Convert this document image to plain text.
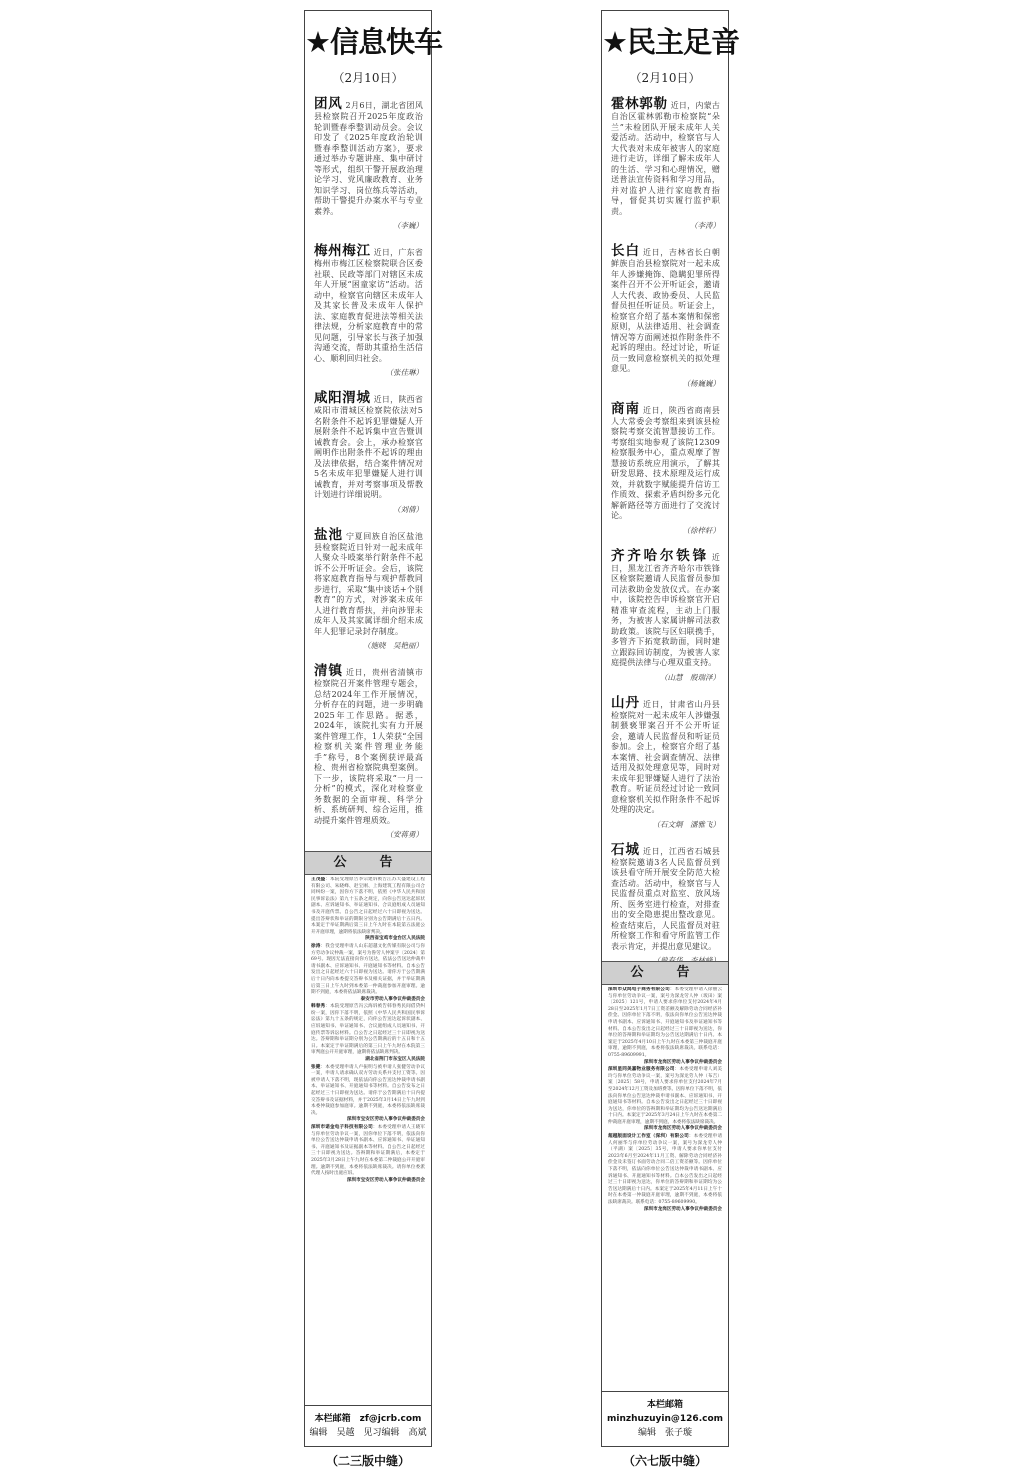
★信息快车
（2月10日）
团风 2月6日，湖北省团风县检察院召开2025年度政治轮训暨春季整训动员会。会议印发了《2025年度政治轮训暨春季整训活动方案》，要求通过举办专题讲座、集中研讨等形式，组织干警开展政治理论学习、党风廉政教育、业务知识学习、岗位练兵等活动，帮助干警提升办案水平与专业素养。
（李巍）
梅州梅江 近日，广东省梅州市梅江区检察院联合区委社联、民政等部门对辖区未成年人开展“困童家访”活动。活动中，检察官向辖区未成年人及其家长普及未成年人保护法、家庭教育促进法等相关法律法规，分析家庭教育中的常见问题，引导家长与孩子加强沟通交流，帮助其重拾生活信心、顺利回归社会。
（张佳琳）
咸阳渭城 近日，陕西省咸阳市渭城区检察院依法对5名附条件不起诉犯罪嫌疑人开展附条件不起诉集中宣告暨训诫教育会。会上，承办检察官阐明作出附条件不起诉的理由及法律依据，结合案件情况对5名未成年犯罪嫌疑人进行训诫教育，并对考察事项及帮教计划进行详细说明。
（刘倩）
盐池 宁夏回族自治区盐池县检察院近日针对一起未成年人聚众斗殴案举行附条件不起诉不公开听证会。会后，该院将家庭教育指导与观护帮教同步进行，采取“集中谈话+个别教育”的方式，对涉案未成年人进行教育帮扶，并向涉罪未成年人及其家属详细介绍未成年人犯罪记录封存制度。
（施晓　吴艳丽）
清镇 近日，贵州省清镇市检察院召开案件管理专题会，总结2024年工作开展情况，分析存在的问题，进一步明确2025年工作思路。据悉，2024年，该院扎实有力开展案件管理工作，1人荣获“全国检察机关案件管理业务能手”称号，8个案例获评最高检、贵州省检察院典型案例。下一步，该院将采取“一月一分析”的模式，深化对检察业务数据的全面审视、科学分析、系统研判、综合运用，推动提升案件管理质效。
（安蒋勇）
公　告

王茂盛：本院受理原告李宗建诉被告江苏天盛建设工程有限公司、朱晓峰、赵宝刚、上海建筑工程有限公司合同纠纷一案，因你方下落不明，依照《中华人民共和国民事诉讼法》第九十五条之规定，向你公告送达起诉状副本、应诉通知书、举证通知书、合议庭组成人员通知书及开庭传票。自公告之日起经过六十日即视为送达。提出答辩状和举证的期限分别为公告期满后十五日内。本案定于举证期满后第三日上午九时在本院第五法庭公开开庭审理，逾期将依法缺席判决。
陕西省宝鸡市金台区人民法院

徐涛：我会受理申请人山东超越文化传媒有限公司与你方劳动争议仲裁一案，案号为鲁劳人仲案字〔2024〕第69号。现因无法直接向你方送达，依法公告送达仲裁申请书副本、应诉通知书、开庭通知书等材料。自本公告发出之日起经过六十日即视为送达。请你方于公告期满后十日内向本委提交答辩书及相关证据，并于举证期满后第三日上午九时到本委第一仲裁庭参加开庭审理。逾期不到庭，本委将依法缺席裁决。
泰安市劳动人事争议仲裁委员会

韩春秀：本院受理原告冯云海诉被告韩春秀民间借贷纠纷一案，因你下落不明，依照《中华人民共和国民事诉讼法》第九十五条的规定，向你公告送达起诉状副本、应诉通知书、举证通知书、合议庭组成人员通知书、开庭传票等诉讼材料。自公告之日起经过三十日即视为送达。答辩期和举证期分别为公告期满后的十五日和十五日。本案定于举证期满后的第三日上午九时在本院第三审判庭公开开庭审理，逾期将依法缺席判决。
湖北省荆门市东宝区人民法院

张健：本委受理申请人卢振明与被申请人张健劳动争议一案，申请人请求确认双方劳动关系并支付工资等。因被申请人下落不明，现依法向你公告送达仲裁申请书副本、举证通知书、开庭通知书等材料。自公告发布之日起经过三十日即视为送达。请你于公告期满后十日内提交答辩书及证据材料，并于2025年3月14日上午九时到本委仲裁庭参加庭审。逾期不到庭，本委将依法缺席裁决。
深圳市宝安区劳动人事争议仲裁委员会

深圳市诺金电子科技有限公司：本委受理申请人王晓军与你单位劳动争议一案，因你单位下落不明，依法向你单位公告送达仲裁申请书副本、应诉通知书、举证通知书、开庭通知书及证据副本等材料。自公告之日起经过三十日即视为送达。答辩期和举证期满后，本委定于2025年3月28日上午九时在本委第二仲裁庭公开开庭审理。逾期不到庭，本委将依法缺席裁决。请你单位委派代理人按时出庭应诉。
深圳市宝安区劳动人事争议仲裁委员会

本栏邮箱　zf@jcrb.com
编辑　吴越　见习编辑　高斌
★民主足音
（2月10日）
霍林郭勒 近日，内蒙古自治区霍林郭勒市检察院“朵兰”未检团队开展未成年人关爱活动。活动中，检察官与人大代表对未成年被害人的家庭进行走访，详细了解未成年人的生活、学习和心理情况，赠送普法宣传资料和学习用品，并对监护人进行家庭教育指导，督促其切实履行监护职责。
（李涛）
长白 近日，吉林省长白朝鲜族自治县检察院对一起未成年人涉嫌掩饰、隐瞒犯罪所得案件召开不公开听证会，邀请人大代表、政协委员、人民监督员担任听证员。听证会上，检察官介绍了基本案情和保密原则，从法律适用、社会调查情况等方面阐述拟作附条件不起诉的理由。经过讨论，听证员一致同意检察机关的拟处理意见。
（杨巍巍）
商南 近日，陕西省商南县人大常委会考察组来到该县检察院考察交流智慧接访工作。考察组实地参观了该院12309检察服务中心，重点观摩了智慧接访系统应用演示，了解其研发思路、技术原理及运行成效，并就数字赋能提升信访工作质效、探索矛盾纠纷多元化解新路径等方面进行了交流讨论。
（徐梓轩）
齐齐哈尔铁锋 近日，黑龙江省齐齐哈尔市铁锋区检察院邀请人民监督员参加司法救助金发放仪式。在办案中，该院控告申诉检察官开启精准审查流程，主动上门服务，为被害人家属讲解司法救助政策。该院与区妇联携手，多管齐下拓宽救助面，同时建立跟踪回访制度，为被害人家庭提供法律与心理双重支持。
（山慧　殷瑞泽）
山丹 近日，甘肃省山丹县检察院对一起未成年人涉嫌强制猥亵罪案召开不公开听证会，邀请人民监督员和听证员参加。会上，检察官介绍了基本案情、社会调查情况、法律适用及拟处理意见等，同时对未成年犯罪嫌疑人进行了法治教育。听证员经过讨论一致同意检察机关拟作附条件不起诉处理的决定。
（石文炯　潘雅飞）
石城 近日，江西省石城县检察院邀请3名人民监督员到该县看守所开展安全防范大检查活动。活动中，检察官与人民监督员重点对监室、放风场所、医务室进行检查，对排查出的安全隐患提出整改意见。检查结束后，人民监督员对驻所检察工作和看守所监管工作表示肯定，并提出意见建议。
公　告

深圳市众鸿电子商务有限公司：本委受理申请人徐丽云与你单位劳动争议一案，案号为深龙劳人仲（坂田）案〔2025〕121号，申请人要求你单位支付2024年4月28日至2025年1月7日工资差额及解除劳动合同经济补偿金。因你单位下落不明，依法向你单位公告送达仲裁申请书副本、应诉通知书、开庭通知书及举证通知书等材料。自本公告发出之日起经过三十日即视为送达，你单位的答辩期和举证期均为公告送达期满后十日内。本案定于2025年4月10日上午九时在本委第三仲裁庭开庭审理，逾期不到庭，本委将依法缺席裁决。联系电话：0755-89609991。
深圳市龙岗区劳动人事争议仲裁委员会

深圳星同美嘉物业服务有限公司：本委受理申请人刘美玲与你单位劳动争议一案，案号为深龙劳人仲（布吉）案〔2025〕58号，申请人要求你单位支付2024年7月至2024年12月工资及加班费等。因你单位下落不明，依法向你单位公告送达仲裁申请书副本、应诉通知书、开庭通知书等材料。自本公告发出之日起经过三十日即视为送达，你单位的答辩期和举证期均为公告送达期满后十日内。本案定于2025年3月24日上午九时在本委第二仲裁庭开庭审理，逾期不到庭，本委将依法缺席裁决。
深圳市龙岗区劳动人事争议仲裁委员会

超越版面设计工作室（深圳）有限公司：本委受理申请人何丽华与你单位劳动争议一案，案号为深龙劳人仲（平湖）案〔2025〕35号，申请人要求你单位支付2023年6月至2024年11月工资、解除劳动合同经济补偿金及未签订书面劳动合同二倍工资差额等。因你单位下落不明，依法向你单位公告送达仲裁申请书副本、应诉通知书、开庭通知书等材料。自本公告发出之日起经过三十日即视为送达，你单位的答辩期和举证期均为公告送达期满后十日内。本案定于2025年4月11日上午十时在本委第一仲裁庭开庭审理，逾期不到庭，本委将依法缺席裁决。联系电话：0755-89609990。
深圳市龙岗区劳动人事争议仲裁委员会

本栏邮箱　minzhuzuyin@126.com
编辑　张子璇
（二三版中缝）	（六七版中缝）
